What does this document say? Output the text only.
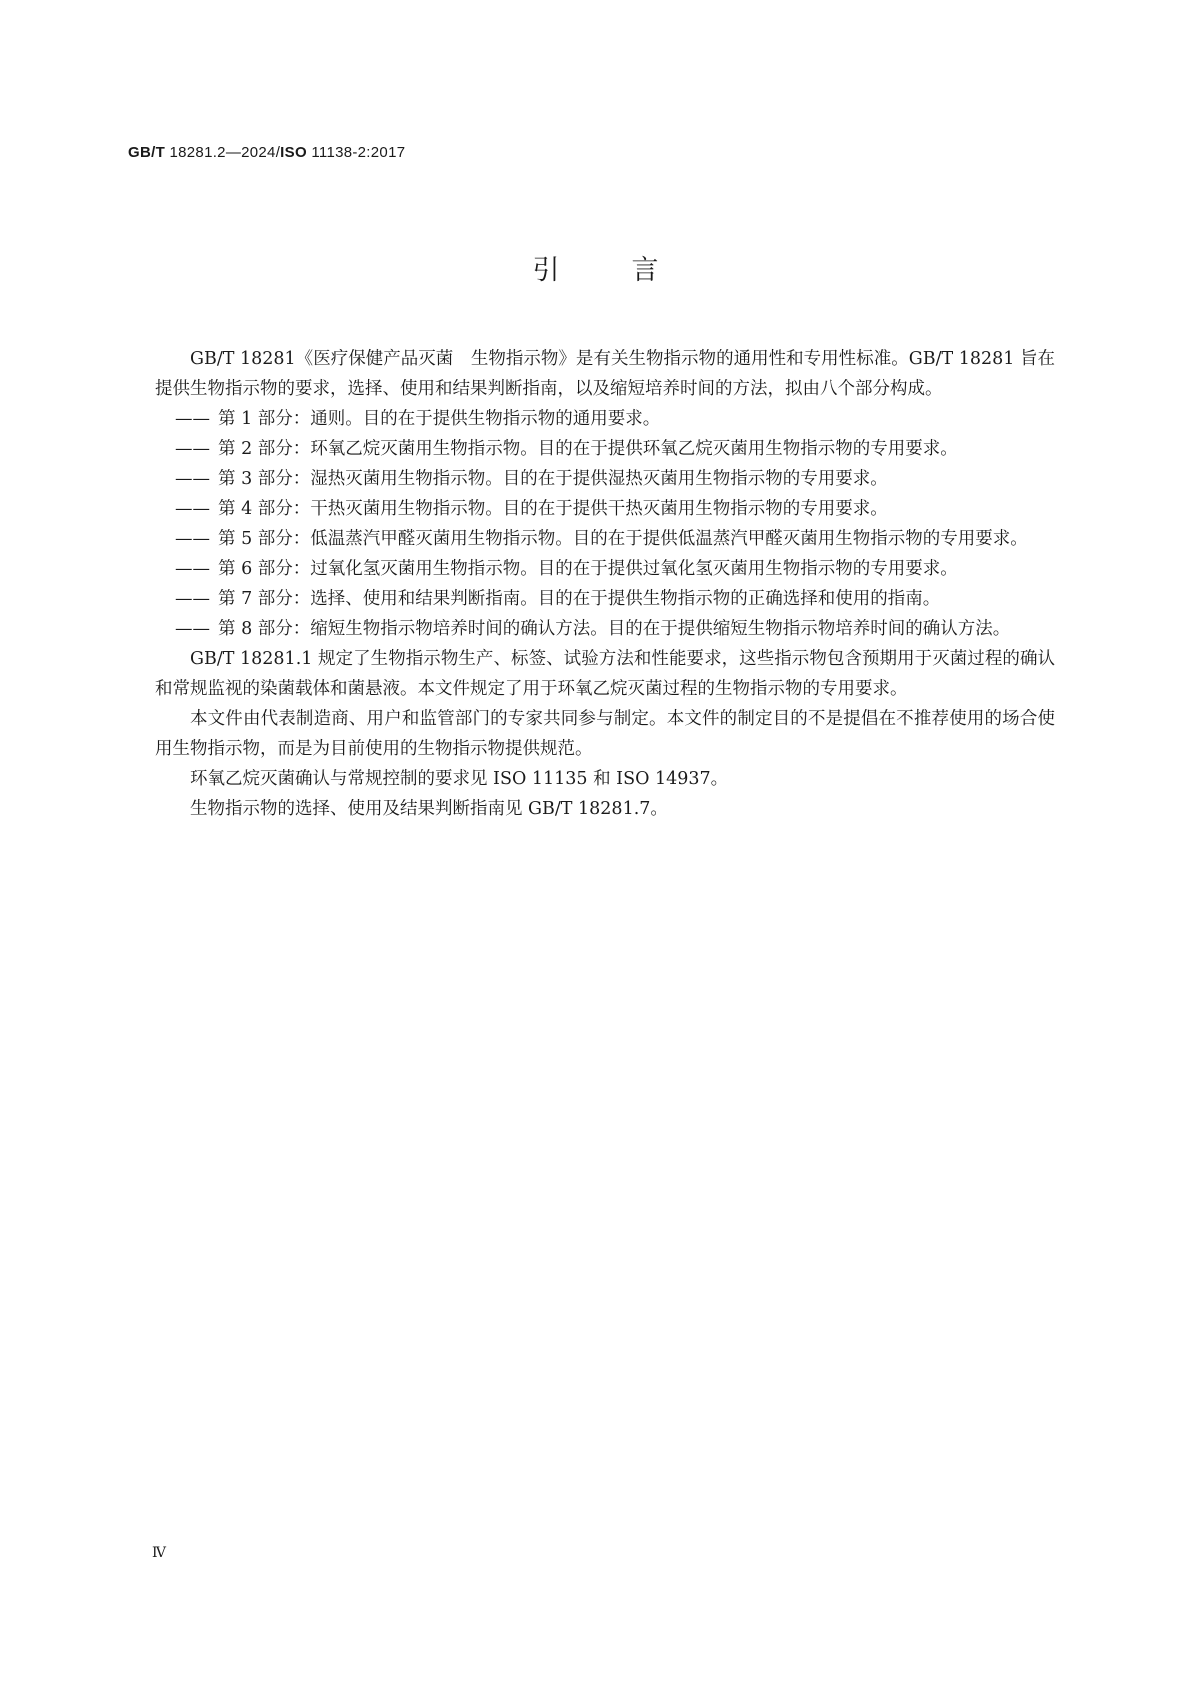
GB/T 18281.2—2024/ISO 11138-2:2017
引言

GB/T 18281《医疗保健产品灭菌　生物指示物》是有关生物指示物的通用性和专用性标准。GB/T 18281 旨在提供生物指示物的要求，选择、使用和结果判断指南，以及缩短培养时间的方法，拟由八个部分构成。

—— 第 1 部分：通则。目的在于提供生物指示物的通用要求。
—— 第 2 部分：环氧乙烷灭菌用生物指示物。目的在于提供环氧乙烷灭菌用生物指示物的专用要求。
—— 第 3 部分：湿热灭菌用生物指示物。目的在于提供湿热灭菌用生物指示物的专用要求。
—— 第 4 部分：干热灭菌用生物指示物。目的在于提供干热灭菌用生物指示物的专用要求。
—— 第 5 部分：低温蒸汽甲醛灭菌用生物指示物。目的在于提供低温蒸汽甲醛灭菌用生物指示物的专用要求。
—— 第 6 部分：过氧化氢灭菌用生物指示物。目的在于提供过氧化氢灭菌用生物指示物的专用要求。
—— 第 7 部分：选择、使用和结果判断指南。目的在于提供生物指示物的正确选择和使用的指南。
—— 第 8 部分：缩短生物指示物培养时间的确认方法。目的在于提供缩短生物指示物培养时间的确认方法。

GB/T 18281.1 规定了生物指示物生产、标签、试验方法和性能要求，这些指示物包含预期用于灭菌过程的确认和常规监视的染菌载体和菌悬液。本文件规定了用于环氧乙烷灭菌过程的生物指示物的专用要求。

本文件由代表制造商、用户和监管部门的专家共同参与制定。本文件的制定目的不是提倡在不推荐使用的场合使用生物指示物，而是为目前使用的生物指示物提供规范。

环氧乙烷灭菌确认与常规控制的要求见 ISO 11135 和 ISO 14937。

生物指示物的选择、使用及结果判断指南见 GB/T 18281.7。

Ⅳ
